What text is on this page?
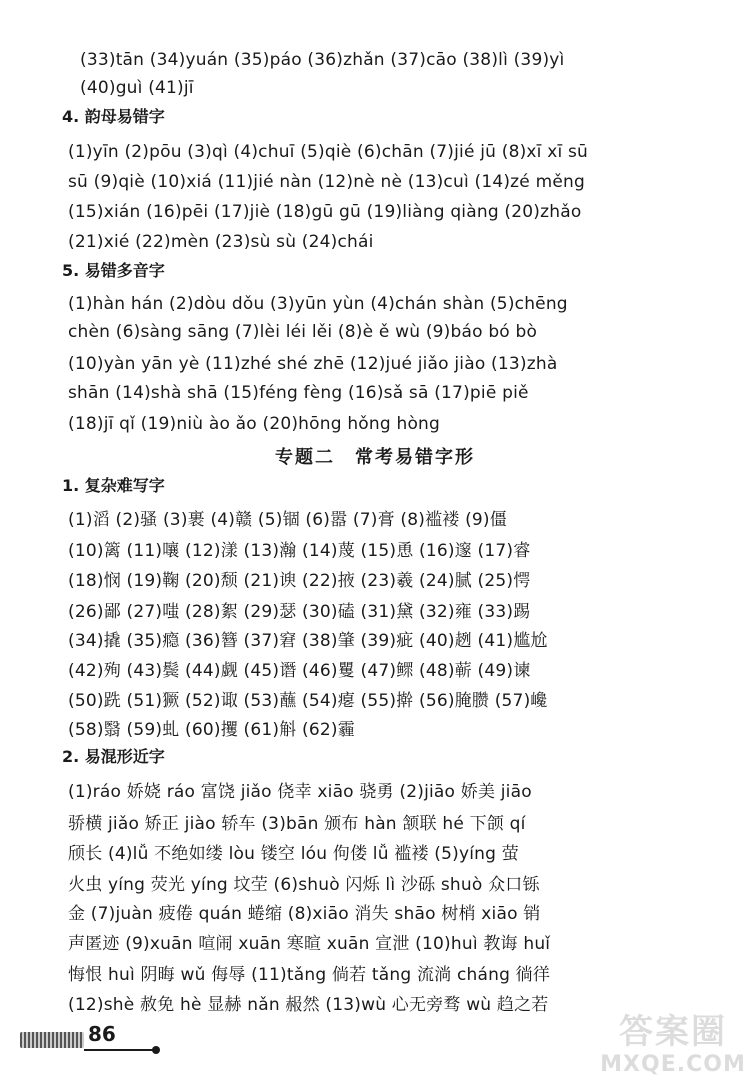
(33)tān (34)yuán (35)páo (36)zhǎn (37)cāo (38)lì (39)yì
(40)guì (41)jī
4. 韵母易错字
(1)yīn (2)pōu (3)qì (4)chuī (5)qiè (6)chān (7)jié jū (8)xī xī sū
sū (9)qiè (10)xiá (11)jié nàn (12)nè nè (13)cuì (14)zé měng
(15)xián (16)pēi (17)jiè (18)gū gū (19)liàng qiàng (20)zhǎo
(21)xié (22)mèn (23)sù sù (24)chái
5. 易错多音字
(1)hàn hán (2)dòu dǒu (3)yūn yùn (4)chán shàn (5)chēng
chèn (6)sàng sāng (7)lèi léi lěi (8)è ě wù (9)báo bó bò
(10)yàn yān yè (11)zhé shé zhē (12)jué jiǎo jiào (13)zhà
shān (14)shà shā (15)féng fèng (16)sǎ sā (17)piē piě
(18)jī qǐ (19)niù ào ǎo (20)hōng hǒng hòng
专题二　常考易错字形
1. 复杂难写字
(1)滔 (2)骚 (3)裹 (4)赣 (5)锢 (6)嚣 (7)膏 (8)褴褛 (9)僵
(10)篱 (11)嚷 (12)漾 (13)瀚 (14)蔑 (15)恿 (16)邃 (17)睿
(18)悯 (19)鞠 (20)颓 (21)谀 (22)掖 (23)羲 (24)腻 (25)愕
(26)鄙 (27)嗤 (28)絮 (29)瑟 (30)磕 (31)黛 (32)雍 (33)踢
(34)撬 (35)瘾 (36)簪 (37)窘 (38)肇 (39)疵 (40)趔 (41)尴尬
(42)殉 (43)鬓 (44)觑 (45)谮 (46)矍 (47)鳏 (48)蕲 (49)谏
(50)跣 (51)獗 (52)诹 (53)蘸 (54)瘪 (55)擀 (56)腌臜 (57)巉
(58)翳 (59)虬 (60)攫 (61)斛 (62)霾
2. 易混形近字
(1)ráo 娇娆 ráo 富饶 jiǎo 侥幸 xiāo 骁勇 (2)jiāo 娇美 jiāo
骄横 jiǎo 矫正 jiào 轿车 (3)bān 颁布 hàn 颔联 hé 下颌 qí
颀长 (4)lǚ 不绝如缕 lòu 镂空 lóu 佝偻 lǚ 褴褛 (5)yíng 萤
火虫 yíng 荧光 yíng 坟茔 (6)shuò 闪烁 lì 沙砾 shuò 众口铄
金 (7)juàn 疲倦 quán 蜷缩 (8)xiāo 消失 shāo 树梢 xiāo 销
声匿迹 (9)xuān 喧闹 xuān 寒暄 xuān 宣泄 (10)huì 教诲 huǐ
悔恨 huì 阴晦 wǔ 侮辱 (11)tǎng 倘若 tǎng 流淌 cháng 徜徉
(12)shè 赦免 hè 显赫 nǎn 赧然 (13)wù 心无旁骛 wù 趋之若
86	答案圈
MXQE.COM
